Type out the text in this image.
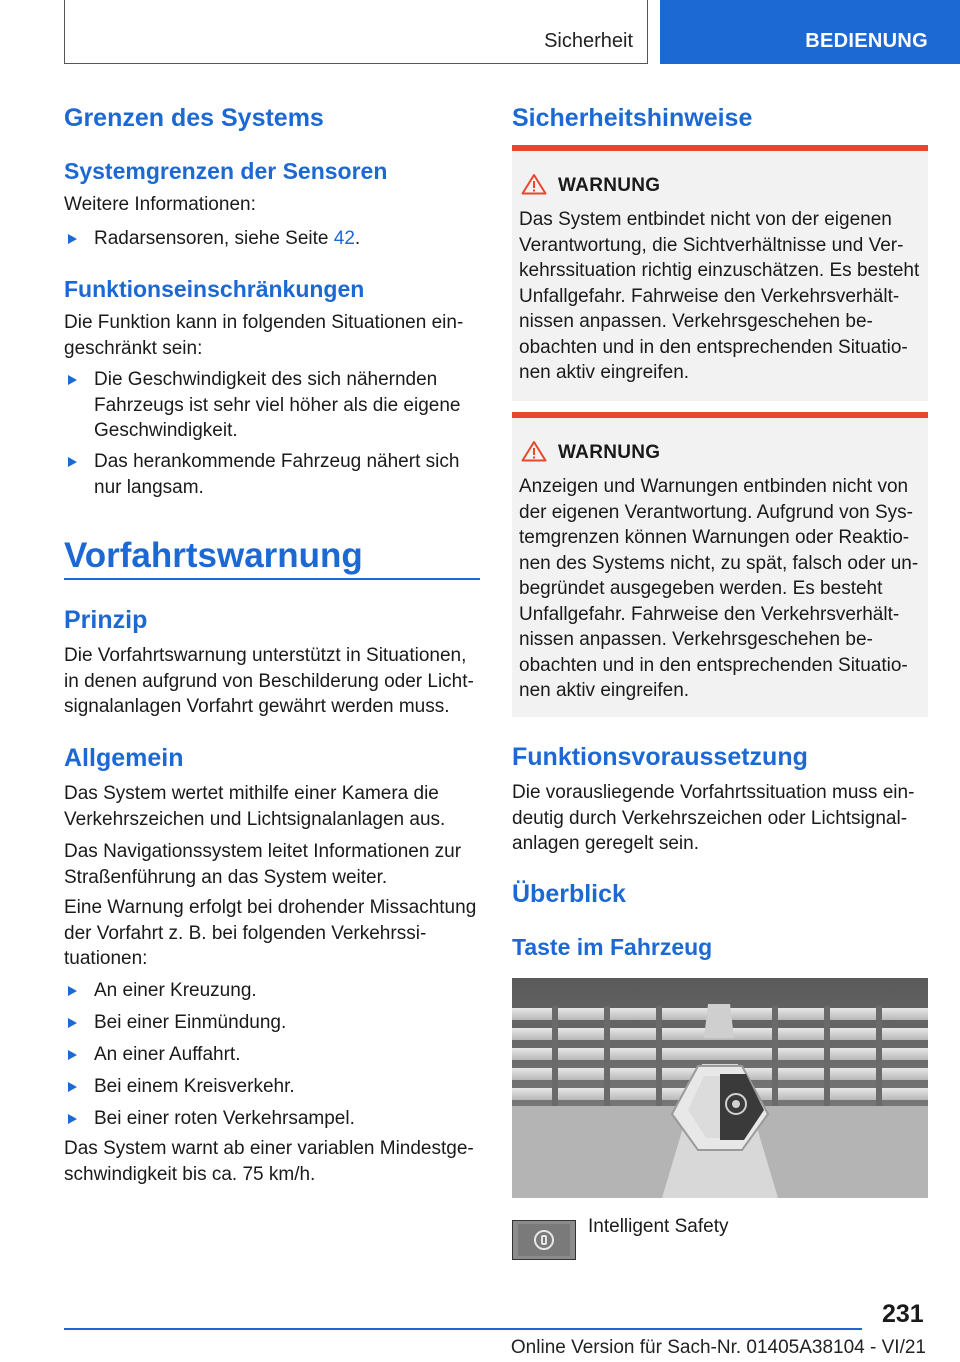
Sicherheit	BEDIENUNG
Grenzen des Systems
Systemgrenzen der Sensoren
Weitere Informationen:
Radarsensoren, siehe Seite 42.
Funktionseinschränkungen
Die Funktion kann in folgenden Situationen eingeschränkt sein:
Die Geschwindigkeit des sich nähernden Fahrzeugs ist sehr viel höher als die eigene Geschwindigkeit.
Das herankommende Fahrzeug nähert sich nur langsam.
Vorfahrtswarnung
Prinzip
Die Vorfahrtswarnung unterstützt in Situationen, in denen aufgrund von Beschilderung oder Lichtsignalanlagen Vorfahrt gewährt werden muss.
Allgemein
Das System wertet mithilfe einer Kamera die Verkehrszeichen und Lichtsignalanlagen aus.
Das Navigationssystem leitet Informationen zur Straßenführung an das System weiter.
Eine Warnung erfolgt bei drohender Missachtung der Vorfahrt z. B. bei folgenden Verkehrssituationen:
An einer Kreuzung.
Bei einer Einmündung.
An einer Auffahrt.
Bei einem Kreisverkehr.
Bei einer roten Verkehrsampel.
Das System warnt ab einer variablen Mindestgeschwindigkeit bis ca. 75 km/h.
Sicherheitshinweise
WARNUNG
Das System entbindet nicht von der eigenen Verantwortung, die Sichtverhältnisse und Verkehrssituation richtig einzuschätzen. Es besteht Unfallgefahr. Fahrweise den Verkehrsverhältnissen anpassen. Verkehrsgeschehen beobachten und in den entsprechenden Situationen aktiv eingreifen.
WARNUNG
Anzeigen und Warnungen entbinden nicht von der eigenen Verantwortung. Aufgrund von Systemgrenzen können Warnungen oder Reaktionen des Systems nicht, zu spät, falsch oder unbegründet ausgegeben werden. Es besteht Unfallgefahr. Fahrweise den Verkehrsverhältnissen anpassen. Verkehrsgeschehen beobachten und in den entsprechenden Situationen aktiv eingreifen.
Funktionsvoraussetzung
Die vorausliegende Vorfahrtssituation muss eindeutig durch Verkehrszeichen oder Lichtsignalanlagen geregelt sein.
Überblick
Taste im Fahrzeug
Intelligent Safety
231
Online Version für Sach-Nr. 01405A38104 - VI/21
